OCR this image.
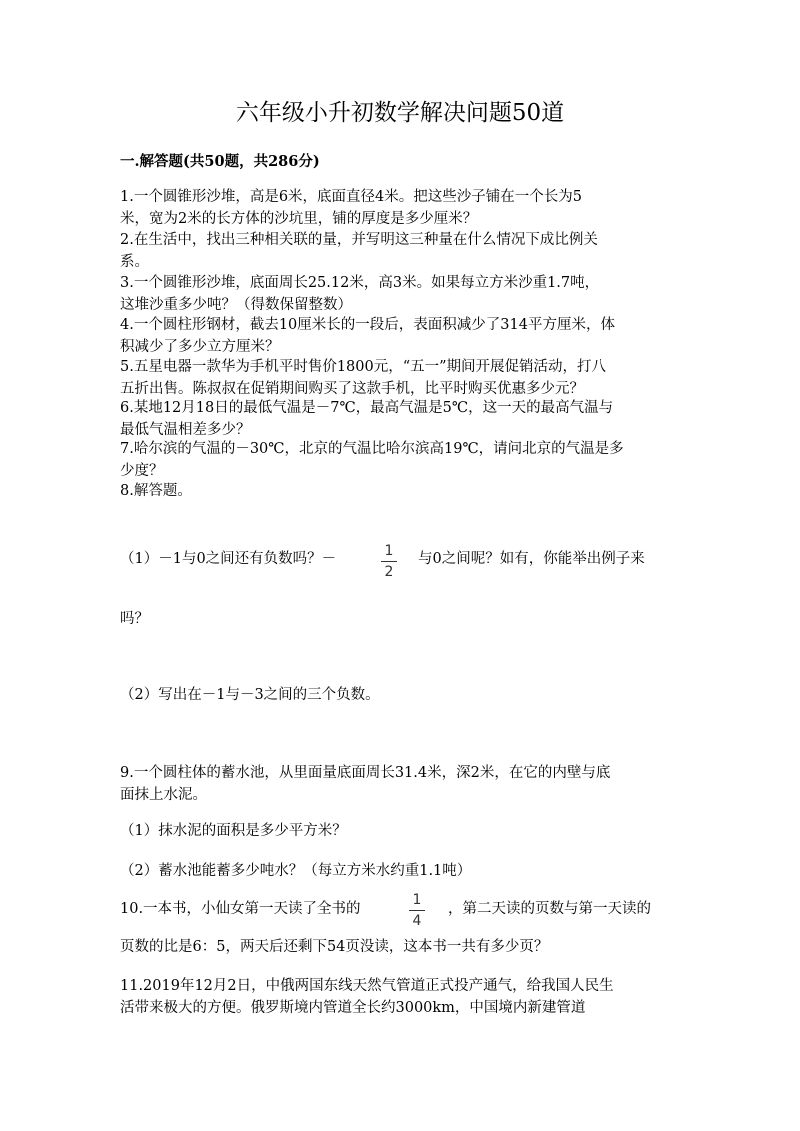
六年级小升初数学解决问题50道
一.解答题(共50题，共286分)
1.一个圆锥形沙堆，高是6米，底面直径4米。把这些沙子铺在一个长为5
米，宽为2米的长方体的沙坑里，铺的厚度是多少厘米？
2.在生活中，找出三种相关联的量，并写明这三种量在什么情况下成比例关
系。
3.一个圆锥形沙堆，底面周长25.12米，高3米。如果每立方米沙重1.7吨，
这堆沙重多少吨？（得数保留整数）
4.一个圆柱形钢材，截去10厘米长的一段后，表面积减少了314平方厘米，体
积减少了多少立方厘米？
5.五星电器一款华为手机平时售价1800元，“五一”期间开展促销活动，打八
五折出售。陈叔叔在促销期间购买了这款手机，比平时购买优惠多少元？
6.某地12月18日的最低气温是－7℃，最高气温是5℃，这一天的最高气温与
最低气温相差多少？
7.哈尔滨的气温的－30℃，北京的气温比哈尔滨高19℃，请问北京的气温是多
少度？
8.解答题。
（1）－1与0之间还有负数吗？－	1
2
与0之间呢？如有，你能举出例子来
吗？
（2）写出在－1与－3之间的三个负数。
9.一个圆柱体的蓄水池，从里面量底面周长31.4米，深2米，在它的内壁与底
面抹上水泥。
（1）抹水泥的面积是多少平方米？
（2）蓄水池能蓄多少吨水？（每立方米水约重1.1吨）
10.一本书，小仙女第一天读了全书的
1
4
，第二天读的页数与第一天读的
页数的比是6：5，两天后还剩下54页没读，这本书一共有多少页？
11.2019年12月2日，中俄两国东线天然气管道正式投产通气，给我国人民生
活带来极大的方便。俄罗斯境内管道全长约3000km，中国境内新建管道
